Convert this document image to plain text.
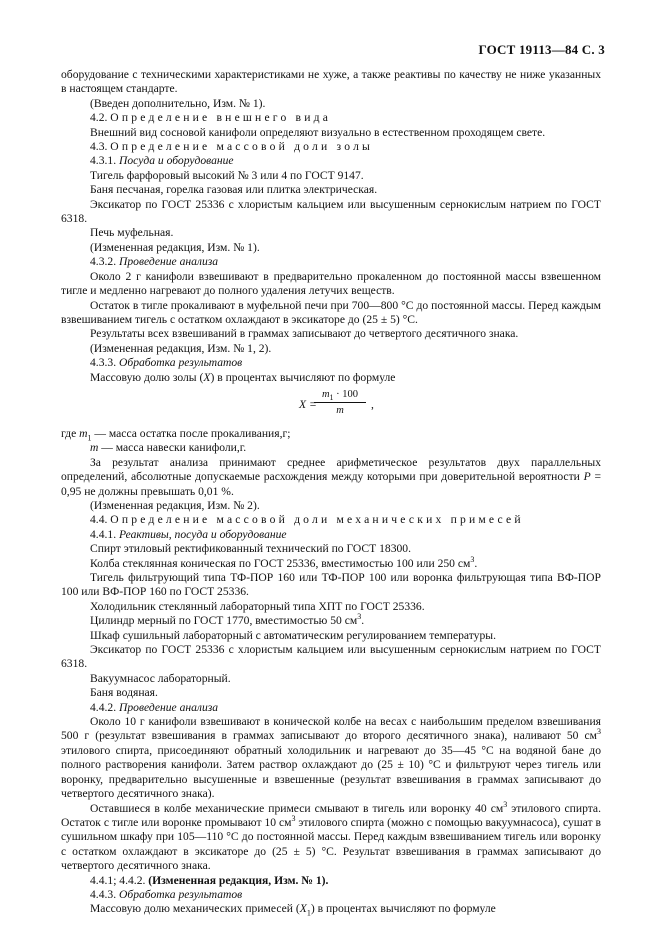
ГОСТ 19113—84 С. 3

оборудование с техническими характеристиками не хуже, а также реактивы по качеству не ниже указанных в настоящем стандарте.

(Введен дополнительно, Изм. № 1).

4.2. Определение внешнего вида

Внешний вид сосновой канифоли определяют визуально в естественном проходящем свете.

4.3. Определение массовой доли золы

4.3.1. Посуда и оборудование

Тигель фарфоровый высокий № 3 или 4 по ГОСТ 9147.

Баня песчаная, горелка газовая или плитка электрическая.

Эксикатор по ГОСТ 25336 с хлористым кальцием или высушенным сернокислым натрием по ГОСТ 6318.

Печь муфельная.

(Измененная редакция, Изм. № 1).

4.3.2. Проведение анализа

Около 2 г канифоли взвешивают в предварительно прокаленном до постоянной массы взвешенном тигле и медленно нагревают до полного удаления летучих веществ.

Остаток в тигле прокаливают в муфельной печи при 700—800 °С до постоянной массы. Перед каждым взвешиванием тигель с остатком охлаждают в эксикаторе до (25 ± 5) °С.

Результаты всех взвешиваний в граммах записывают до четвертого десятичного знака.

(Измененная редакция, Изм. № 1, 2).

4.3.3. Обработка результатов

Массовую долю золы (X) в процентах вычисляют по формуле

X =
$m_1 \cdot 100$
m	,

где $m_1$ — масса остатка после прокаливания,г;

m — масса навески канифоли,г.

За результат анализа принимают среднее арифметическое результатов двух параллельных определений, абсолютные допускаемые расхождения между которыми при доверительной вероятности Р = 0,95 не должны превышать 0,01 %.

(Измененная редакция, Изм. № 2).

4.4. Определение массовой доли механических примесей

4.4.1. Реактивы, посуда и оборудование

Спирт этиловый ректификованный технический по ГОСТ 18300.

Колба стеклянная коническая по ГОСТ 25336, вместимостью 100 или 250 $см^3$.

Тигель фильтрующий типа ТФ-ПОР 160 или ТФ-ПОР 100 или воронка фильтрующая типа ВФ-ПОР 100 или ВФ-ПОР 160 по ГОСТ 25336.

Холодильник стеклянный лабораторный типа ХПТ по ГОСТ 25336.

Цилиндр мерный по ГОСТ 1770, вместимостью 50 $см^3$.

Шкаф сушильный лабораторный с автоматическим регулированием температуры.

Эксикатор по ГОСТ 25336 с хлористым кальцием или высушенным сернокислым натрием по ГОСТ 6318.

Вакуумнасос лабораторный.

Баня водяная.

4.4.2. Проведение анализа

Около 10 г канифоли взвешивают в конической колбе на весах с наибольшим пределом взвешивания 500 г (результат взвешивания в граммах записывают до второго десятичного знака), наливают 50 $см^3$ этилового спирта, присоединяют обратный холодильник и нагревают до 35—45 °С на водяной бане до полного растворения канифоли. Затем раствор охлаждают до (25 ± 10) °С и фильтруют через тигель или воронку, предварительно высушенные и взвешенные (результат взвешивания в граммах записывают до четвертого десятичного знака).

Оставшиеся в колбе механические примеси смывают в тигель или воронку 40 $см^3$ этилового спирта. Остаток с тигле или воронке промывают 10 $см^3$ этилового спирта (можно с помощью вакуумнасоса), сушат в сушильном шкафу при 105—110 °С до постоянной массы. Перед каждым взвешиванием тигель или воронку с остатком охлаждают в эксикаторе до (25 ± 5) °С. Результат взвешивания в граммах записывают до четвертого десятичного знака.

4.4.1; 4.4.2. (Измененная редакция, Изм. № 1).

4.4.3. Обработка результатов

Массовую долю механических примесей $(X_1)$ в процентах вычисляют по формуле
